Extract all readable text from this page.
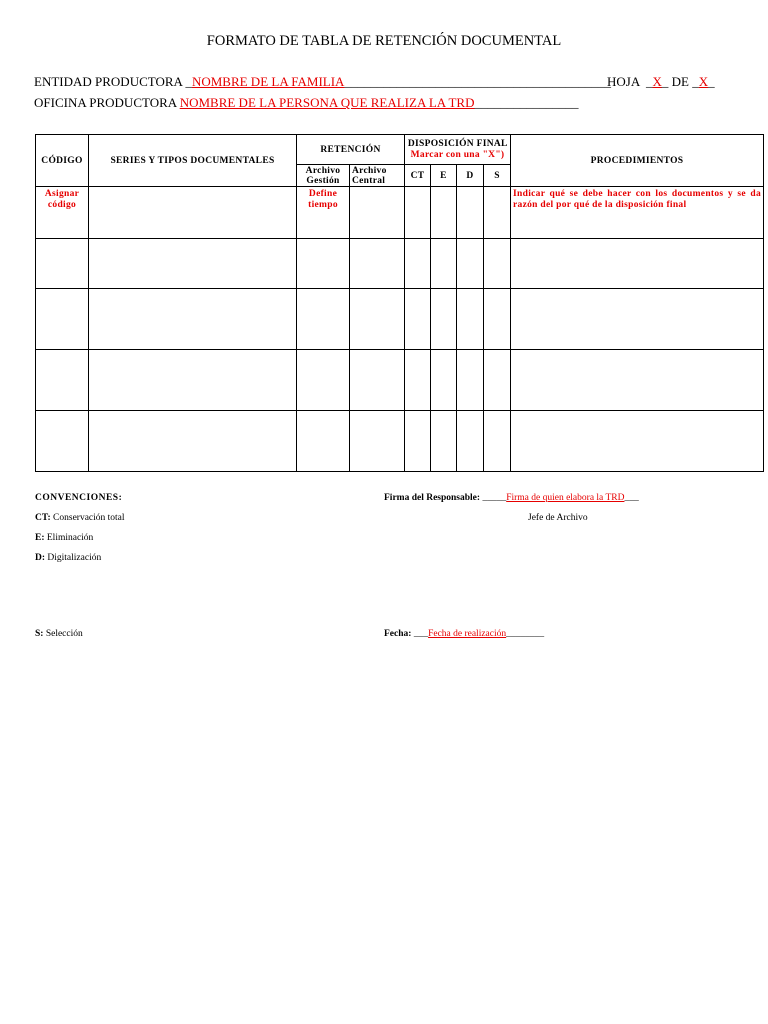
FORMATO DE TABLA DE RETENCIÓN DOCUMENTAL
ENTIDAD PRODUCTORA _NOMBRE DE LA FAMILIA_________________________________________
HOJA  _X_ DE _X_
OFICINA PRODUCTORA NOMBRE DE LA PERSONA QUE REALIZA LA TRD________________
CÓDIGO	SERIES Y TIPOS DOCUMENTALES	RETENCIÓN		DISPOSICIÓN FINAL Marcar con una "X")				PROCEDIMIENTOS
		Archivo Gestión	Archivo Central	CT	E	D	S	
Asignar código		Define tiempo						Indicar qué se debe hacer con los documentos y se da razón del por qué de la disposición final

CONVENCIONES:
CT: Conservación total
E: Eliminación
D: Digitalización
S: Selección
Firma del Responsable: _____Firma de quien elabora la TRD___
Jefe de Archivo
Fecha: ___Fecha de realización________
